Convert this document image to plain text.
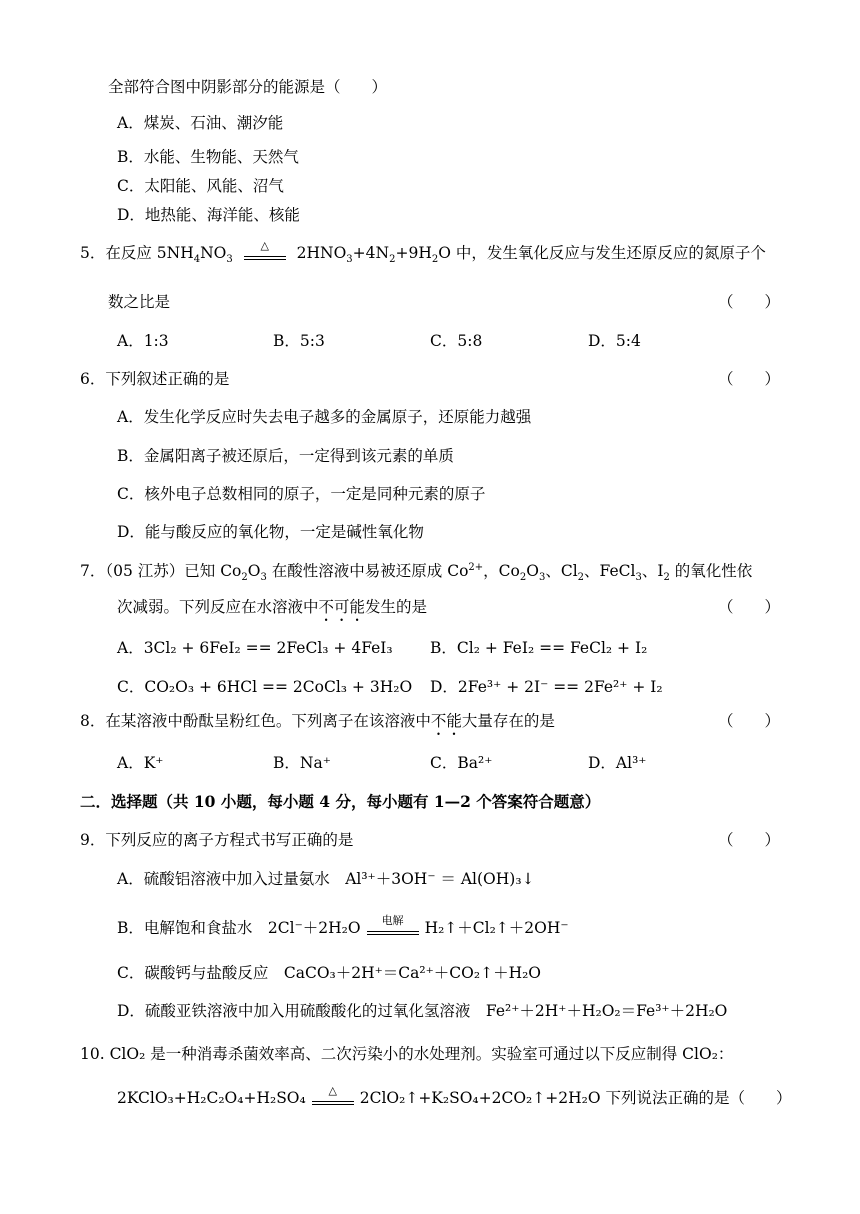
全部符合图中阴影部分的能源是（　　）
A．煤炭、石油、潮汐能
B．水能、生物能、天然气
C．太阳能、风能、沼气
D．地热能、海洋能、核能
5．在反应 $5NH_4NO_3$
△	$2HNO_3+4N_2+9H_2O$ 中，发生氧化反应与发生还原反应的氮原子个
数之比是	（　　）
A．1:3	B．5:3	C．5:8	D．5:4
6．下列叙述正确的是	（　　）
A．发生化学反应时失去电子越多的金属原子，还原能力越强
B．金属阳离子被还原后，一定得到该元素的单质
C．核外电子总数相同的原子，一定是同种元素的原子
D．能与酸反应的氧化物，一定是碱性氧化物
7．（05 江苏）已知 $Co_2O_3$ 在酸性溶液中易被还原成 $Co^{2+}$，$Co_2O_3$、$Cl_2$、FeCl$_3$、$I_2$ 的氧化性依
次减弱。下列反应在水溶液中不可能发生的是	（　　）
A．3Cl₂ + 6FeI₂ == 2FeCl₃ + 4FeI₃ B．Cl₂ + FeI₂ == FeCl₂ + I₂
C．CO₂O₃ + 6HCl == 2CoCl₃ + 3H₂O D．2Fe³⁺ + 2I⁻ == 2Fe²⁺ + I₂
8．在某溶液中酚酞呈粉红色。下列离子在该溶液中不能大量存在的是	（　　）
A．K⁺	B．Na⁺	C．Ba²⁺	D．Al³⁺
二．选择题（共 10 小题，每小题 4 分，每小题有 1—2 个答案符合题意）
9．下列反应的离子方程式书写正确的是	（　　）
A．硫酸铝溶液中加入过量氨水　Al³⁺＋3OH⁻ ＝ Al(OH)₃↓
B．电解饱和食盐水　2Cl⁻＋2H₂O	电解	H₂↑＋Cl₂↑＋2OH⁻
C．碳酸钙与盐酸反应　CaCO₃＋2H⁺＝Ca²⁺＋CO₂↑＋H₂O
D．硫酸亚铁溶液中加入用硫酸酸化的过氧化氢溶液　Fe²⁺＋2H⁺＋H₂O₂＝Fe³⁺＋2H₂O
10. ClO₂ 是一种消毒杀菌效率高、二次污染小的水处理剂。实验室可通过以下反应制得 ClO₂：
2KClO₃+H₂C₂O₄+H₂SO₄	△	2ClO₂↑+K₂SO₄+2CO₂↑+2H₂O 下列说法正确的是（　　）
